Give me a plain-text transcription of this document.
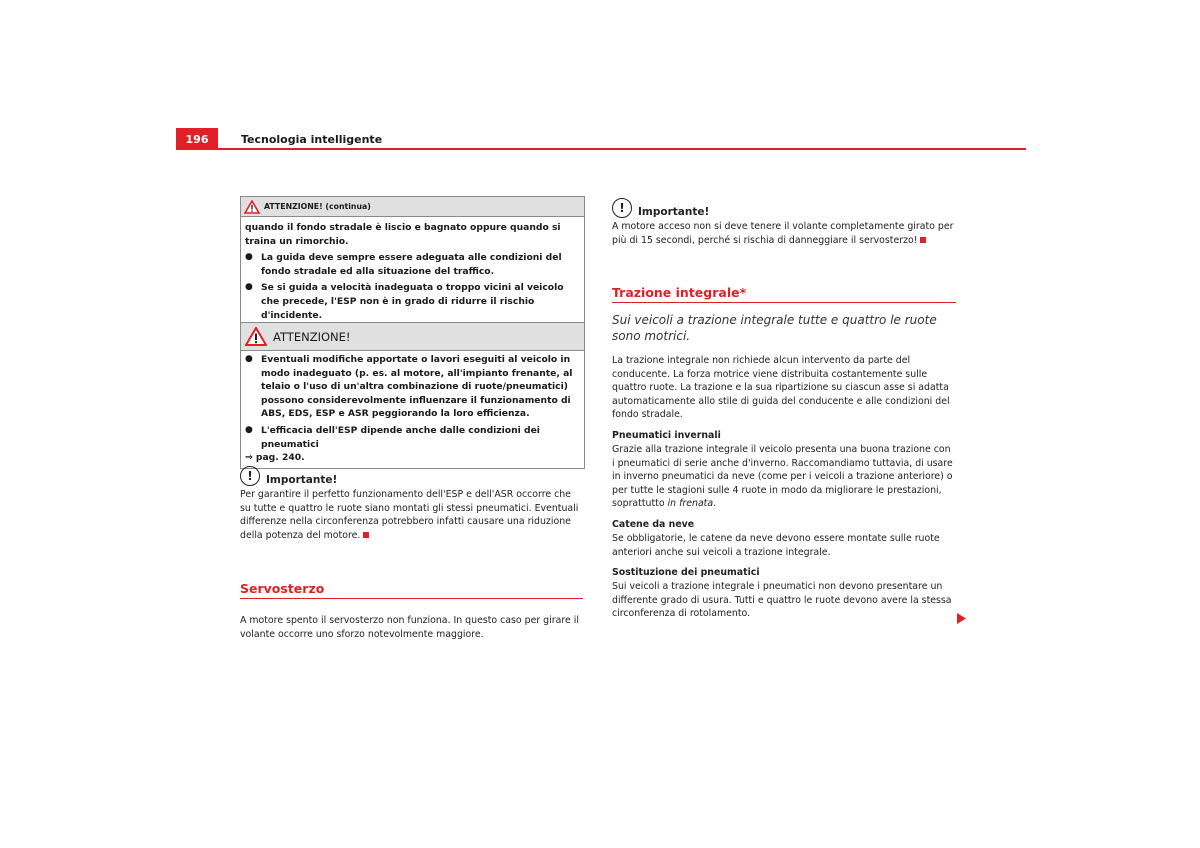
196	Tecnologia intelligente
ATTENZIONE! (continua)

quando il fondo stradale è liscio e bagnato oppure quando si traina un rimorchio.

● La guida deve sempre essere adeguata alle condizioni del fondo stradale ed alla situazione del traffico.

● Se si guida a velocità inadeguata o troppo vicini al veicolo che precede, l'ESP non è in grado di ridurre il rischio d'incidente.

ATTENZIONE!
● Eventuali modifiche apportate o lavori eseguiti al veicolo in modo inadeguato (p. es. al motore, all'impianto frenante, al telaio o l'uso di un'altra combinazione di ruote/pneumatici) possono considerevolmente influenzare il funzionamento di ABS, EDS, ESP e ASR peggiorando la loro efficienza.

● L'efficacia dell'ESP dipende anche dalle condizioni dei pneumatici

⇒ pag. 240.

!	Importante!

Per garantire il perfetto funzionamento dell'ESP e dell'ASR occorre che su tutte e quattro le ruote siano montati gli stessi pneumatici. Eventuali differenze nella circonferenza potrebbero infatti causare una riduzione della potenza del motore.

Servosterzo

A motore spento il servosterzo non funziona. In questo caso per girare il volante occorre uno sforzo notevolmente maggiore.

!	Importante!

A motore acceso non si deve tenere il volante completamente girato per più di 15 secondi, perché si rischia di danneggiare il servosterzo!

Trazione integrale*

Sui veicoli a trazione integrale tutte e quattro le ruote sono motrici.

La trazione integrale non richiede alcun intervento da parte del conducente. La forza motrice viene distribuita costantemente sulle quattro ruote. La trazione e la sua ripartizione su ciascun asse si adatta automaticamente allo stile di guida del conducente e alle condizioni del fondo stradale.

Pneumatici invernali

Grazie alla trazione integrale il veicolo presenta una buona trazione con i pneumatici di serie anche d'inverno. Raccomandiamo tuttavia, di usare in inverno pneumatici da neve (come per i veicoli a trazione anteriore) o per tutte le stagioni sulle 4 ruote in modo da migliorare le prestazioni, soprattutto in frenata.

Catene da neve

Se obbligatorie, le catene da neve devono essere montate sulle ruote anteriori anche sui veicoli a trazione integrale.

Sostituzione dei pneumatici

Sui veicoli a trazione integrale i pneumatici non devono presentare un differente grado di usura. Tutti e quattro le ruote devono avere la stessa circonferenza di rotolamento.
